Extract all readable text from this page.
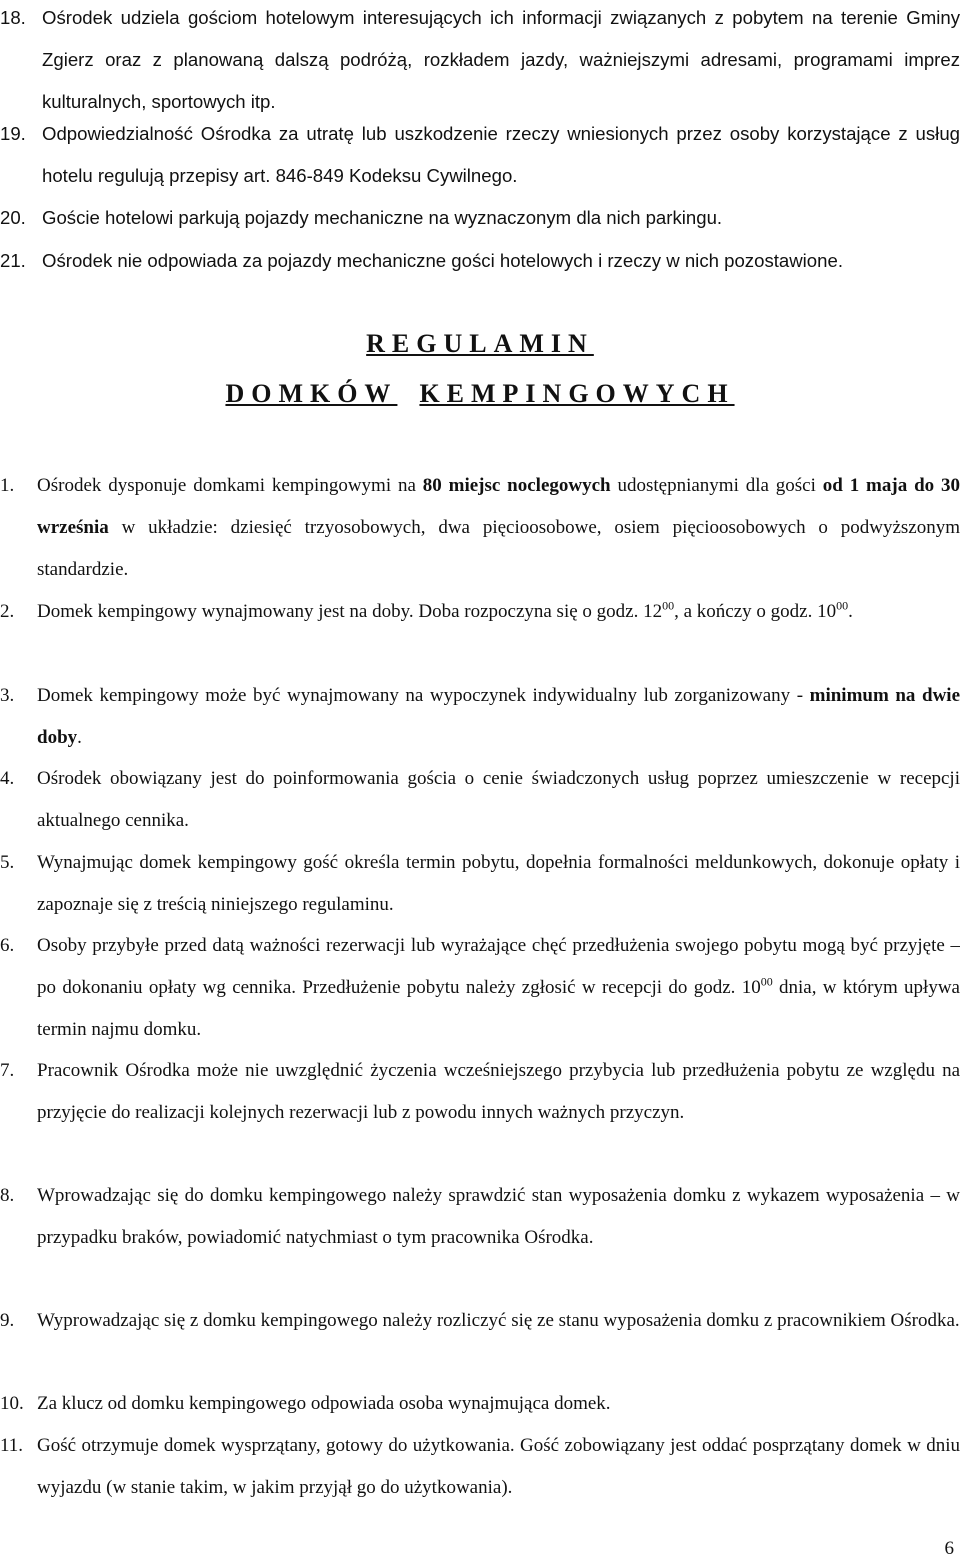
18. Ośrodek udziela gościom hotelowym interesujących ich informacji związanych z pobytem na terenie Gminy Zgierz oraz z planowaną dalszą podróżą, rozkładem jazdy, ważniejszymi adresami, programami imprez kulturalnych, sportowych itp.
19. Odpowiedzialność Ośrodka za utratę lub uszkodzenie rzeczy wniesionych przez osoby korzystające z usług hotelu regulują przepisy art. 846-849 Kodeksu Cywilnego.
20. Goście hotelowi parkują pojazdy mechaniczne na wyznaczonym dla nich parkingu.
21. Ośrodek nie odpowiada za pojazdy mechaniczne gości hotelowych i rzeczy w nich pozostawione.
REGULAMIN
DOMKÓW KEMPINGOWYCH
1. Ośrodek dysponuje domkami kempingowymi na 80 miejsc noclegowych udostępnianymi dla gości od 1 maja do 30 września w układzie: dziesięć trzyosobowych, dwa pięcioosobowe, osiem pięcioosobowych o podwyższonym standardzie.
2. Domek kempingowy wynajmowany jest na doby. Doba rozpoczyna się o godz. $12^{00}$, a kończy o godz. $10^{00}$.
3. Domek kempingowy może być wynajmowany na wypoczynek indywidualny lub zorganizowany - minimum na dwie doby.
4. Ośrodek obowiązany jest do poinformowania gościa o cenie świadczonych usług poprzez umieszczenie w recepcji aktualnego cennika.
5. Wynajmując domek kempingowy gość określa termin pobytu, dopełnia formalności meldunkowych, dokonuje opłaty i zapoznaje się z treścią niniejszego regulaminu.
6. Osoby przybyłe przed datą ważności rezerwacji lub wyrażające chęć przedłużenia swojego pobytu mogą być przyjęte – po dokonaniu opłaty wg cennika. Przedłużenie pobytu należy zgłosić w recepcji do godz. $10^{00}$ dnia, w którym upływa termin najmu domku.
7. Pracownik Ośrodka może nie uwzględnić życzenia wcześniejszego przybycia lub przedłużenia pobytu ze względu na przyjęcie do realizacji kolejnych rezerwacji lub z powodu innych ważnych przyczyn.
8. Wprowadzając się do domku kempingowego należy sprawdzić stan wyposażenia domku z wykazem wyposażenia – w przypadku braków, powiadomić natychmiast o tym pracownika Ośrodka.
9. Wyprowadzając się z domku kempingowego należy rozliczyć się ze stanu wyposażenia domku z pracownikiem Ośrodka.
10. Za klucz od domku kempingowego odpowiada osoba wynajmująca domek.
11. Gość otrzymuje domek wysprzątany, gotowy do użytkowania. Gość zobowiązany jest oddać posprzątany domek w dniu wyjazdu (w stanie takim, w jakim przyjął go do użytkowania).
6
